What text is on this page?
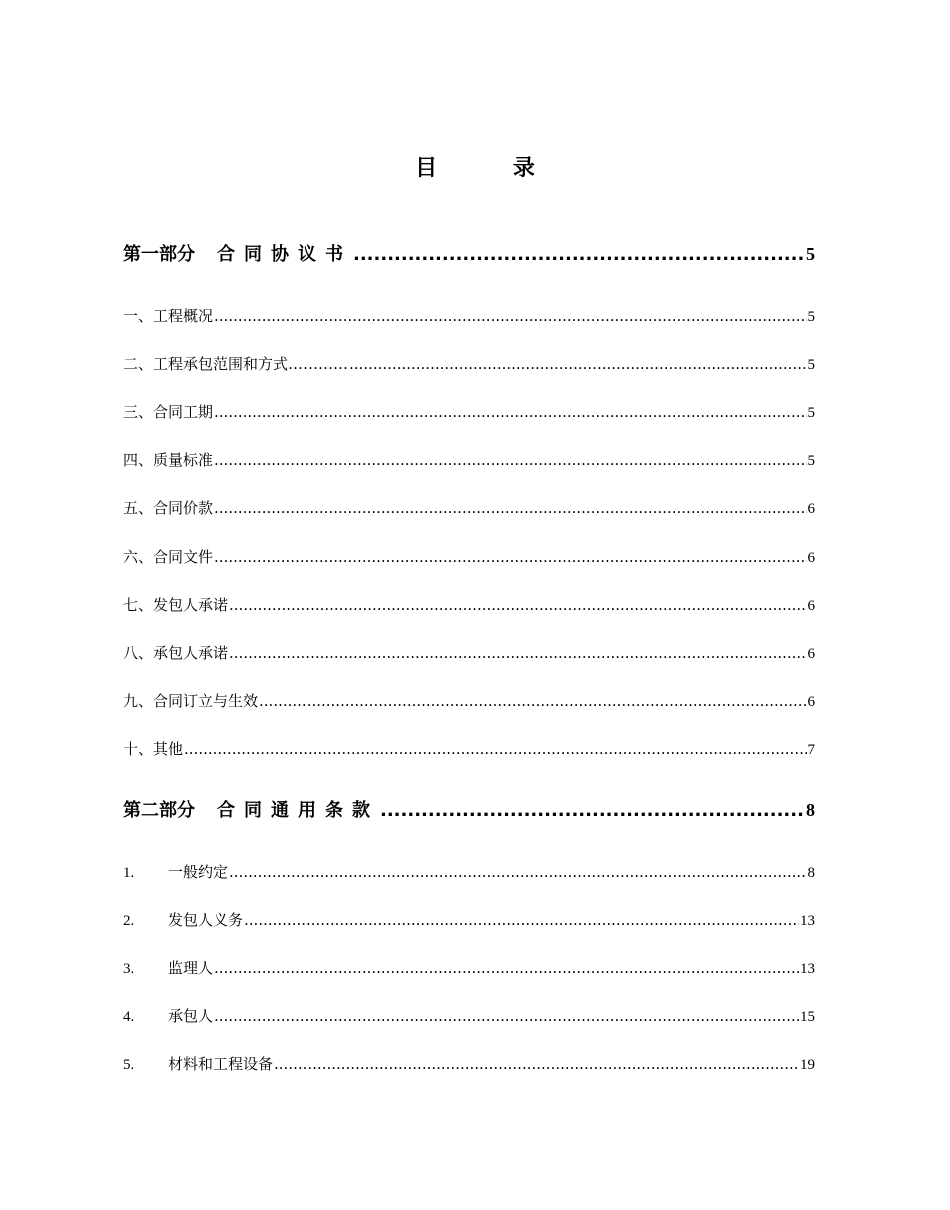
目 录
第一部分 合同协议书 .....	5
一、工程概况 .....	5
二、工程承包范围和方式………… .....	5
三、合同工期 .....	5
四、质量标准 .....	5
五、合同价款 .....	6
六、合同文件 .....	6
七、发包人承诺 .....	6
八、承包人承诺 .....	6
九、合同订立与生效 .....	6
十、其他 .....	7
第二部分 合同通用条款 .....	8
1.	一般约定 .....	8
2.	发包人义务 .....	13
3.	监理人 .....	13
4.	承包人 .....	15
5.	材料和工程设备 .....	19
